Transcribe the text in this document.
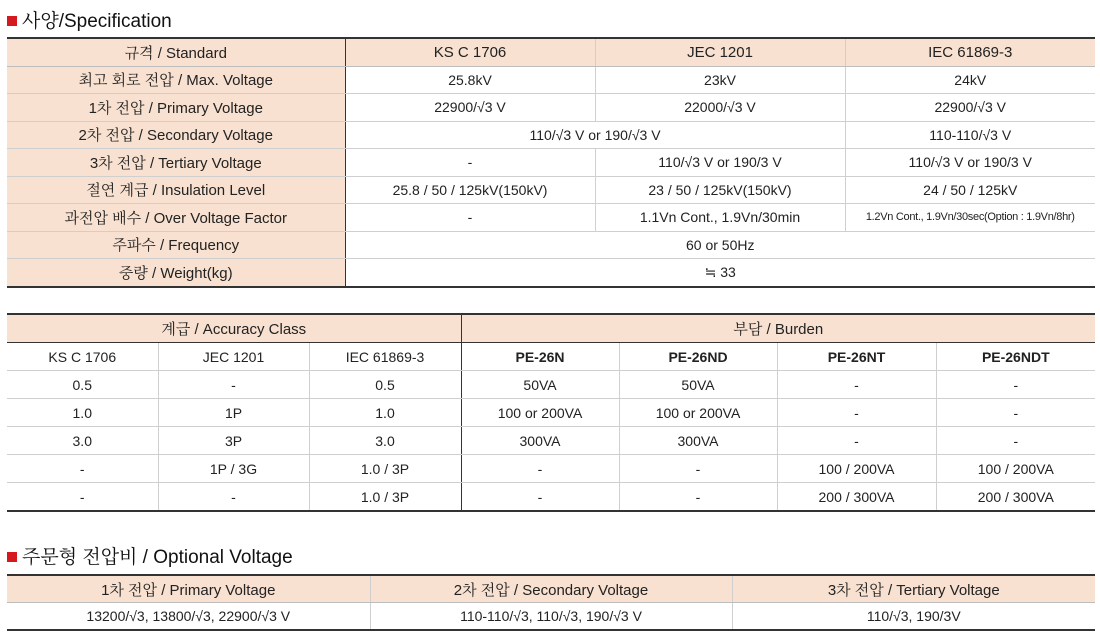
사양/Specification
규격 / Standard	KS C 1706	JEC 1201	IEC 61869-3
최고 회로 전압 / Max. Voltage	25.8kV	23kV	24kV
1차 전압 / Primary Voltage	22900/√3 V	22000/√3 V	22900/√3 V
2차 전압 / Secondary Voltage	110/√3 V or 190/√3 V		110-110/√3 V
3차 전압 / Tertiary Voltage	-	110/√3 V or 190/3 V	110/√3 V or 190/3 V
절연 계급 / Insulation Level	25.8 / 50 / 125kV(150kV)	23 / 50 / 125kV(150kV)	24 / 50 / 125kV
과전압 배수 / Over Voltage Factor	-	1.1Vn Cont., 1.9Vn/30min	1.2Vn Cont., 1.9Vn/30sec(Option : 1.9Vn/8hr)
주파수 / Frequency	60 or 50Hz		
중량 / Weight(kg)	≒ 33		
계급 / Accuracy Class			부담 / Burden			
KS C 1706	JEC 1201	IEC 61869-3	PE-26N	PE-26ND	PE-26NT	PE-26NDT
0.5	-	0.5	50VA	50VA	-	-
1.0	1P	1.0	100 or 200VA	100 or 200VA	-	-
3.0	3P	3.0	300VA	300VA	-	-
-	1P / 3G	1.0 / 3P	-	-	100 / 200VA	100 / 200VA
-	-	1.0 / 3P	-	-	200 / 300VA	200 / 300VA
주문형 전압비 / Optional Voltage
1차 전압 / Primary Voltage	2차 전압 / Secondary Voltage	3차 전압 / Tertiary Voltage
13200/√3, 13800/√3, 22900/√3 V	110-110/√3, 110/√3, 190/√3 V	110/√3, 190/3V
